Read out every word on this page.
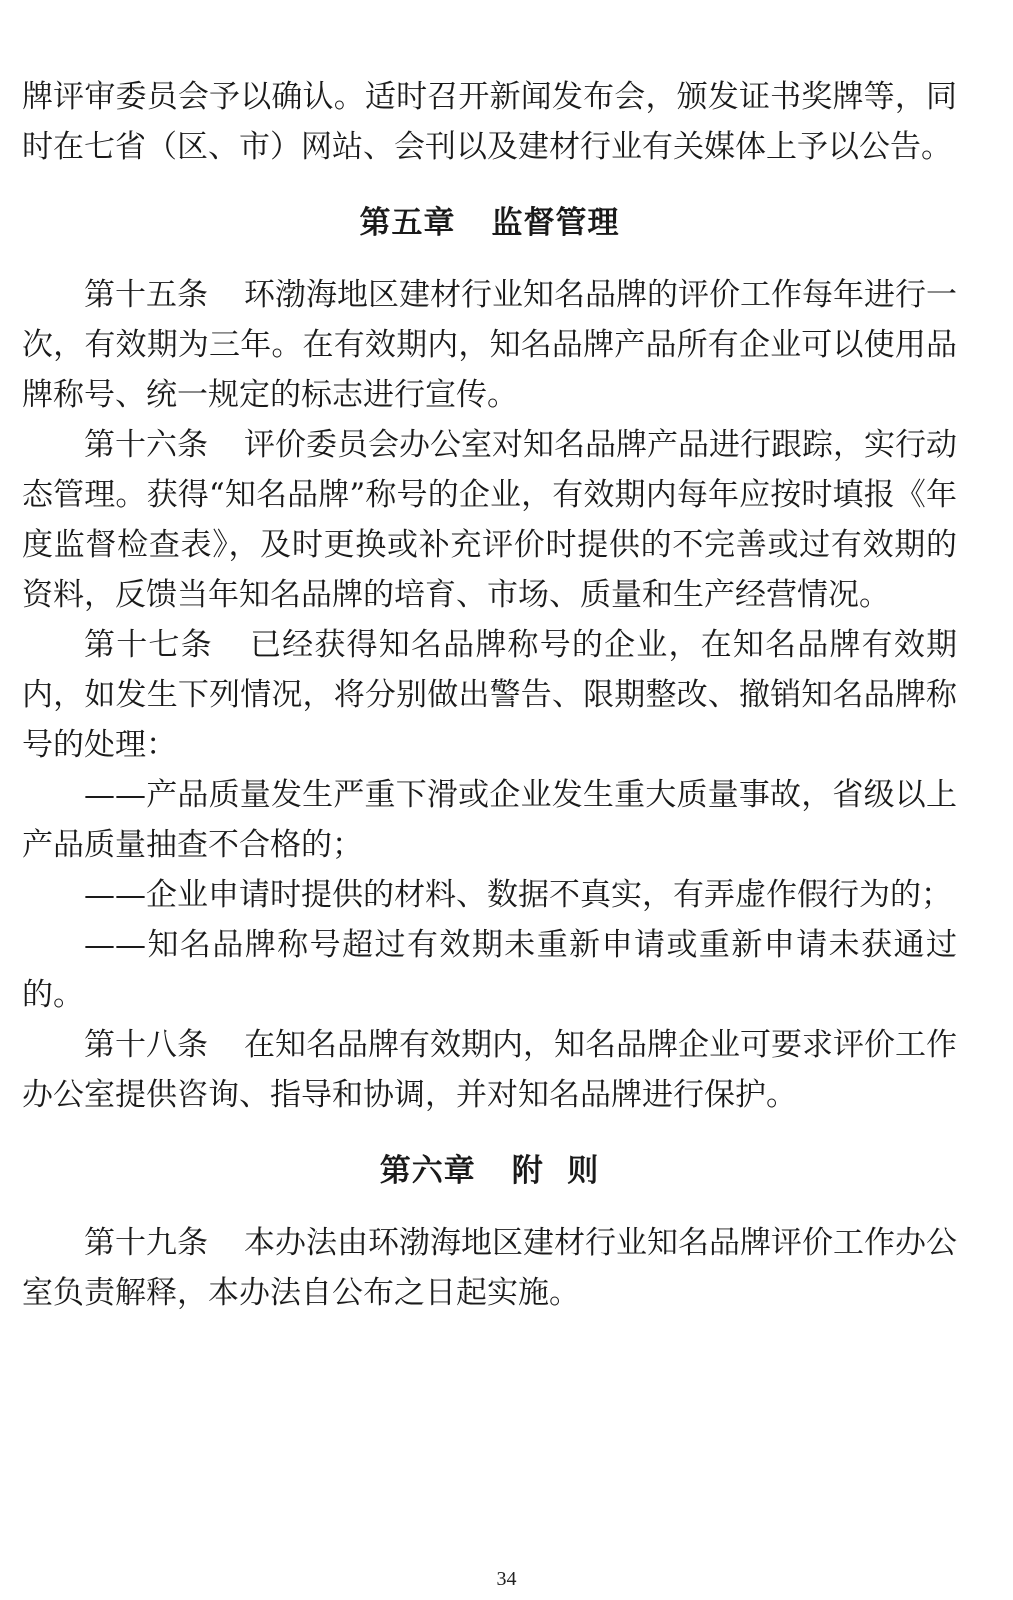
牌评审委员会予以确认。适时召开新闻发布会，颁发证书奖牌等，同时在七省（区、市）网站、会刊以及建材行业有关媒体上予以公告。

第五章 监督管理

第十五条 环渤海地区建材行业知名品牌的评价工作每年进行一次，有效期为三年。在有效期内，知名品牌产品所有企业可以使用品牌称号、统一规定的标志进行宣传。

第十六条 评价委员会办公室对知名品牌产品进行跟踪，实行动态管理。获得“知名品牌”称号的企业，有效期内每年应按时填报《年度监督检查表》，及时更换或补充评价时提供的不完善或过有效期的资料，反馈当年知名品牌的培育、市场、质量和生产经营情况。

第十七条 已经获得知名品牌称号的企业，在知名品牌有效期内，如发生下列情况，将分别做出警告、限期整改、撤销知名品牌称号的处理：

——产品质量发生严重下滑或企业发生重大质量事故，省级以上产品质量抽查不合格的；

——企业申请时提供的材料、数据不真实，有弄虚作假行为的；

——知名品牌称号超过有效期未重新申请或重新申请未获通过的。

第十八条 在知名品牌有效期内，知名品牌企业可要求评价工作办公室提供咨询、指导和协调，并对知名品牌进行保护。

第六章 附  则

第十九条 本办法由环渤海地区建材行业知名品牌评价工作办公室负责解释，本办法自公布之日起实施。

34
